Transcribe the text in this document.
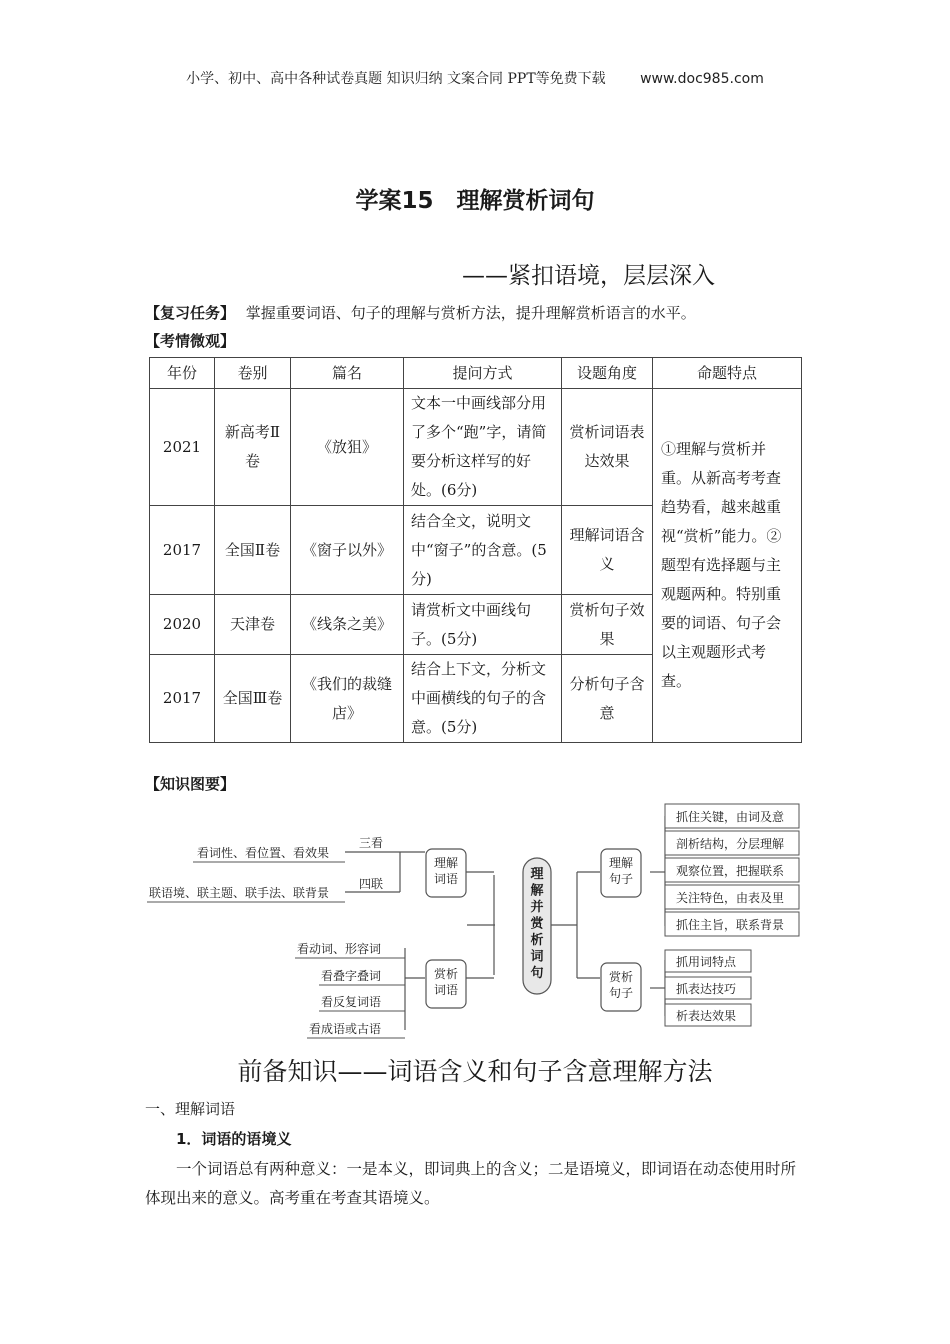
小学、初中、高中各种试卷真题 知识归纳 文案合同 PPT等免费下载 www.doc985.com
学案15　理解赏析词句
——紧扣语境，层层深入
【复习任务】 掌握重要词语、句子的理解与赏析方法，提升理解赏析语言的水平。
【考情微观】
年份	卷别	篇名	提问方式	设题角度	命题特点
2021	新高考Ⅱ卷	《放狙》	文本一中画线部分用了多个“跑”字，请简要分析这样写的好处。(6分)	赏析词语表达效果	①理解与赏析并重。从新高考考查趋势看，越来越重视“赏析”能力。②题型有选择题与主观题两种。特别重要的词语、句子会以主观题形式考查。
2017	全国Ⅱ卷	《窗子以外》	结合全文，说明文中“窗子”的含意。(5分)	理解词语含义	
2020	天津卷	《线条之美》	请赏析文中画线句子。(5分)	赏析句子效果	
2017	全国Ⅲ卷	《我们的裁缝店》	结合上下文，分析文中画横线的句子的含意。(5分)	分析句子含意	
【知识图要】
理解并赏析词句
理解词语
赏析词语
理解句子
赏析句子
三看
四联
看词性、看位置、看效果
联语境、联主题、联手法、联背景
看动词、形容词
看叠字叠词
看反复词语
看成语或古语
抓住关键，由词及意
剖析结构，分层理解
观察位置，把握联系
关注特色，由表及里
抓住主旨，联系背景
抓用词特点
抓表达技巧
析表达效果
前备知识——词语含义和句子含意理解方法
一、理解词语
1．词语的语境义
一个词语总有两种意义：一是本义，即词典上的含义；二是语境义，即词语在动态使用时所体现出来的意义。高考重在考查其语境义。
